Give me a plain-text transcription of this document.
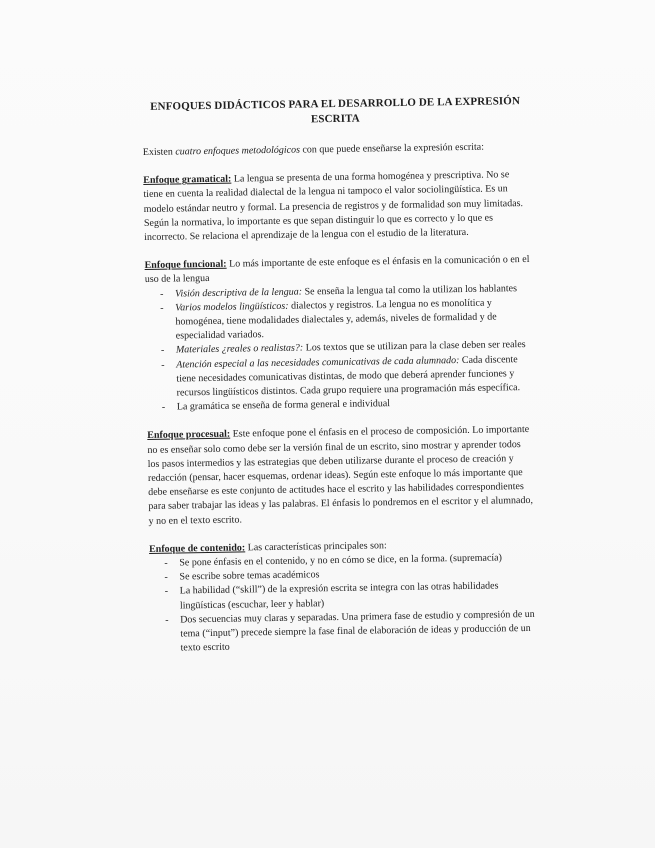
ENFOQUES DIDÁCTICOS PARA EL DESARROLLO DE LA EXPRESIÓN ESCRITA

Existen cuatro enfoques metodológicos con que puede enseñarse la expresión escrita:

Enfoque gramatical: La lengua se presenta de una forma homogénea y prescriptiva. No se tiene en cuenta la realidad dialectal de la lengua ni tampoco el valor sociolingüística. Es un modelo estándar neutro y formal. La presencia de registros y de formalidad son muy limitadas. Según la normativa, lo importante es que sepan distinguir lo que es correcto y lo que es incorrecto. Se relaciona el aprendizaje de la lengua con el estudio de la literatura.

Enfoque funcional: Lo más importante de este enfoque es el énfasis en la comunicación o en el uso de la lengua

- Visión descriptiva de la lengua: Se enseña la lengua tal como la utilizan los hablantes
- Varios modelos lingüísticos: dialectos y registros. La lengua no es monolítica y homogénea, tiene modalidades dialectales y, además, niveles de formalidad y de especialidad variados.
- Materiales ¿reales o realistas?: Los textos que se utilizan para la clase deben ser reales
- Atención especial a las necesidades comunicativas de cada alumnado: Cada discente tiene necesidades comunicativas distintas, de modo que deberá aprender funciones y recursos lingüísticos distintos. Cada grupo requiere una programación más específica.
- La gramática se enseña de forma general e individual

Enfoque procesual: Este enfoque pone el énfasis en el proceso de composición. Lo importante no es enseñar solo como debe ser la versión final de un escrito, sino mostrar y aprender todos los pasos intermedios y las estrategias que deben utilizarse durante el proceso de creación y redacción (pensar, hacer esquemas, ordenar ideas). Según este enfoque lo más importante que debe enseñarse es este conjunto de actitudes hace el escrito y las habilidades correspondientes para saber trabajar las ideas y las palabras. El énfasis lo pondremos en el escritor y el alumnado, y no en el texto escrito.

Enfoque de contenido: Las características principales son:

- Se pone énfasis en el contenido, y no en cómo se dice, en la forma. (supremacía)
- Se escribe sobre temas académicos
- La habilidad (“skill”) de la expresión escrita se integra con las otras habilidades lingüísticas (escuchar, leer y hablar)
- Dos secuencias muy claras y separadas. Una primera fase de estudio y compresión de un tema (“input”) precede siempre la fase final de elaboración de ideas y producción de un texto escrito
